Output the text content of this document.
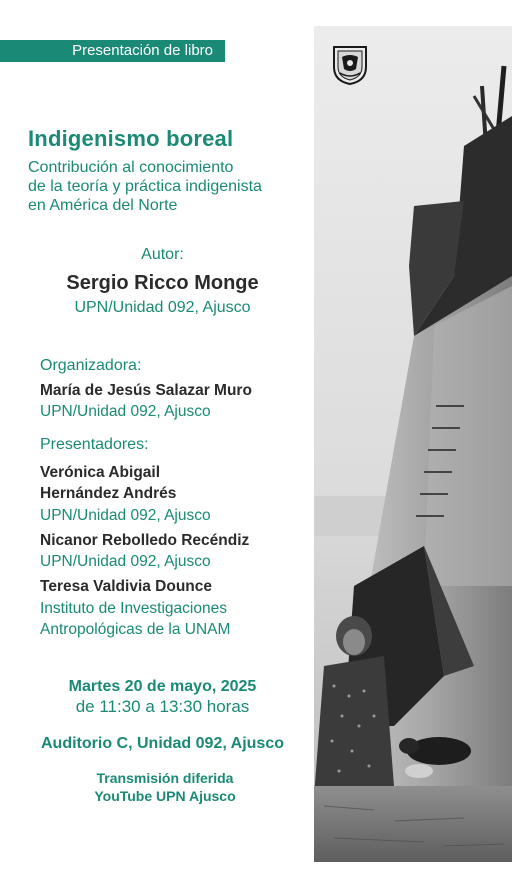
Presentación de libro
Indigenismo boreal
Contribución al conocimiento
de la teoría y práctica indigenista
en América del Norte
Autor:
Sergio Ricco Monge
UPN/Unidad 092, Ajusco
Organizadora:
María de Jesús Salazar Muro
UPN/Unidad 092, Ajusco
Presentadores:
Verónica Abigail
Hernández Andrés
UPN/Unidad 092, Ajusco
Nicanor Rebolledo Recéndiz
UPN/Unidad 092, Ajusco
Teresa Valdivia Dounce
Instituto de Investigaciones
Antropológicas de la UNAM
Martes 20 de mayo, 2025
de 11:30 a 13:30 horas
Auditorio C, Unidad 092, Ajusco
Transmisión diferida
YouTube UPN Ajusco
